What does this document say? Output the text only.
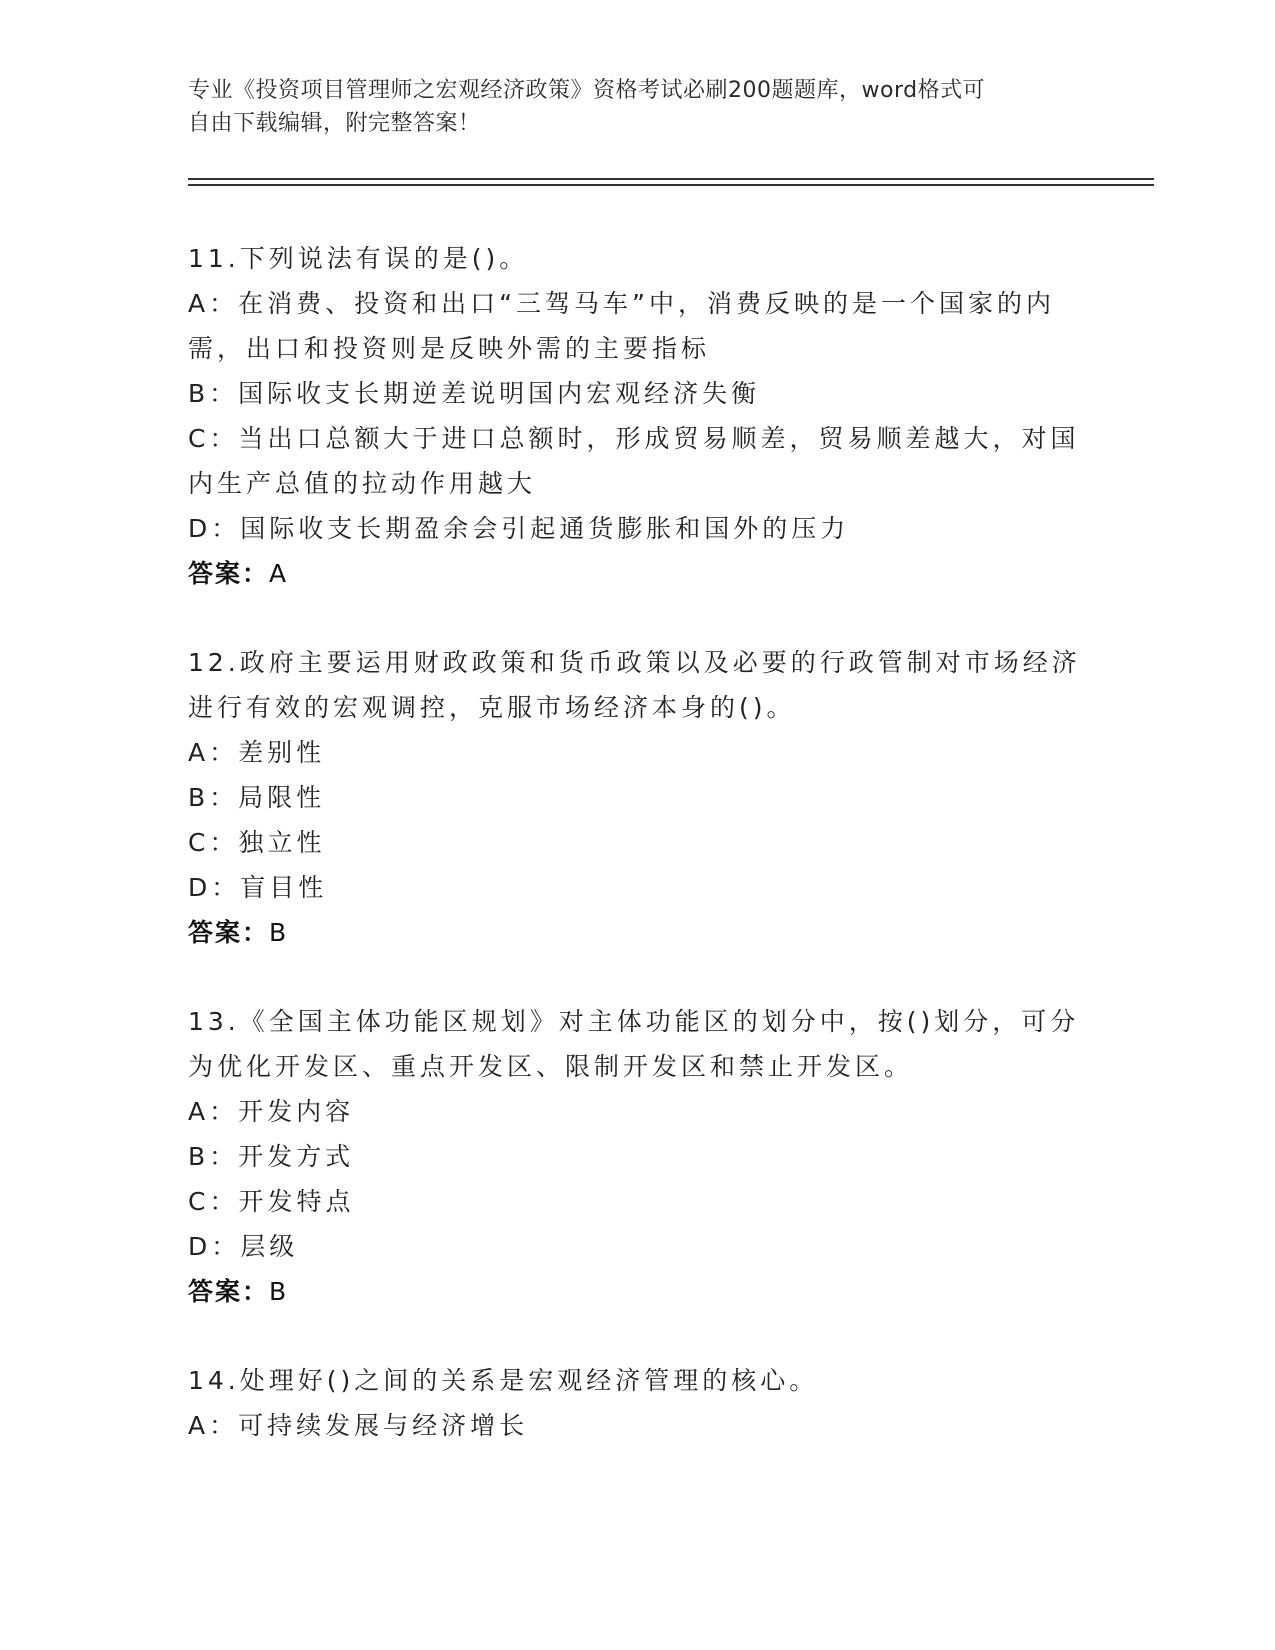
专业《投资项目管理师之宏观经济政策》资格考试必刷200题题库，word格式可
自由下载编辑，附完整答案！
11.下列说法有误的是()。
A：在消费、投资和出口“三驾马车”中，消费反映的是一个国家的内
需，出口和投资则是反映外需的主要指标
B：国际收支长期逆差说明国内宏观经济失衡
C：当出口总额大于进口总额时，形成贸易顺差，贸易顺差越大，对国
内生产总值的拉动作用越大
D：国际收支长期盈余会引起通货膨胀和国外的压力
答案：A
12.政府主要运用财政政策和货币政策以及必要的行政管制对市场经济
进行有效的宏观调控，克服市场经济本身的()。
A：差别性
B：局限性
C：独立性
D：盲目性
答案：B
13.《全国主体功能区规划》对主体功能区的划分中，按()划分，可分
为优化开发区、重点开发区、限制开发区和禁止开发区。
A：开发内容
B：开发方式
C：开发特点
D：层级
答案：B
14.处理好()之间的关系是宏观经济管理的核心。
A：可持续发展与经济增长
